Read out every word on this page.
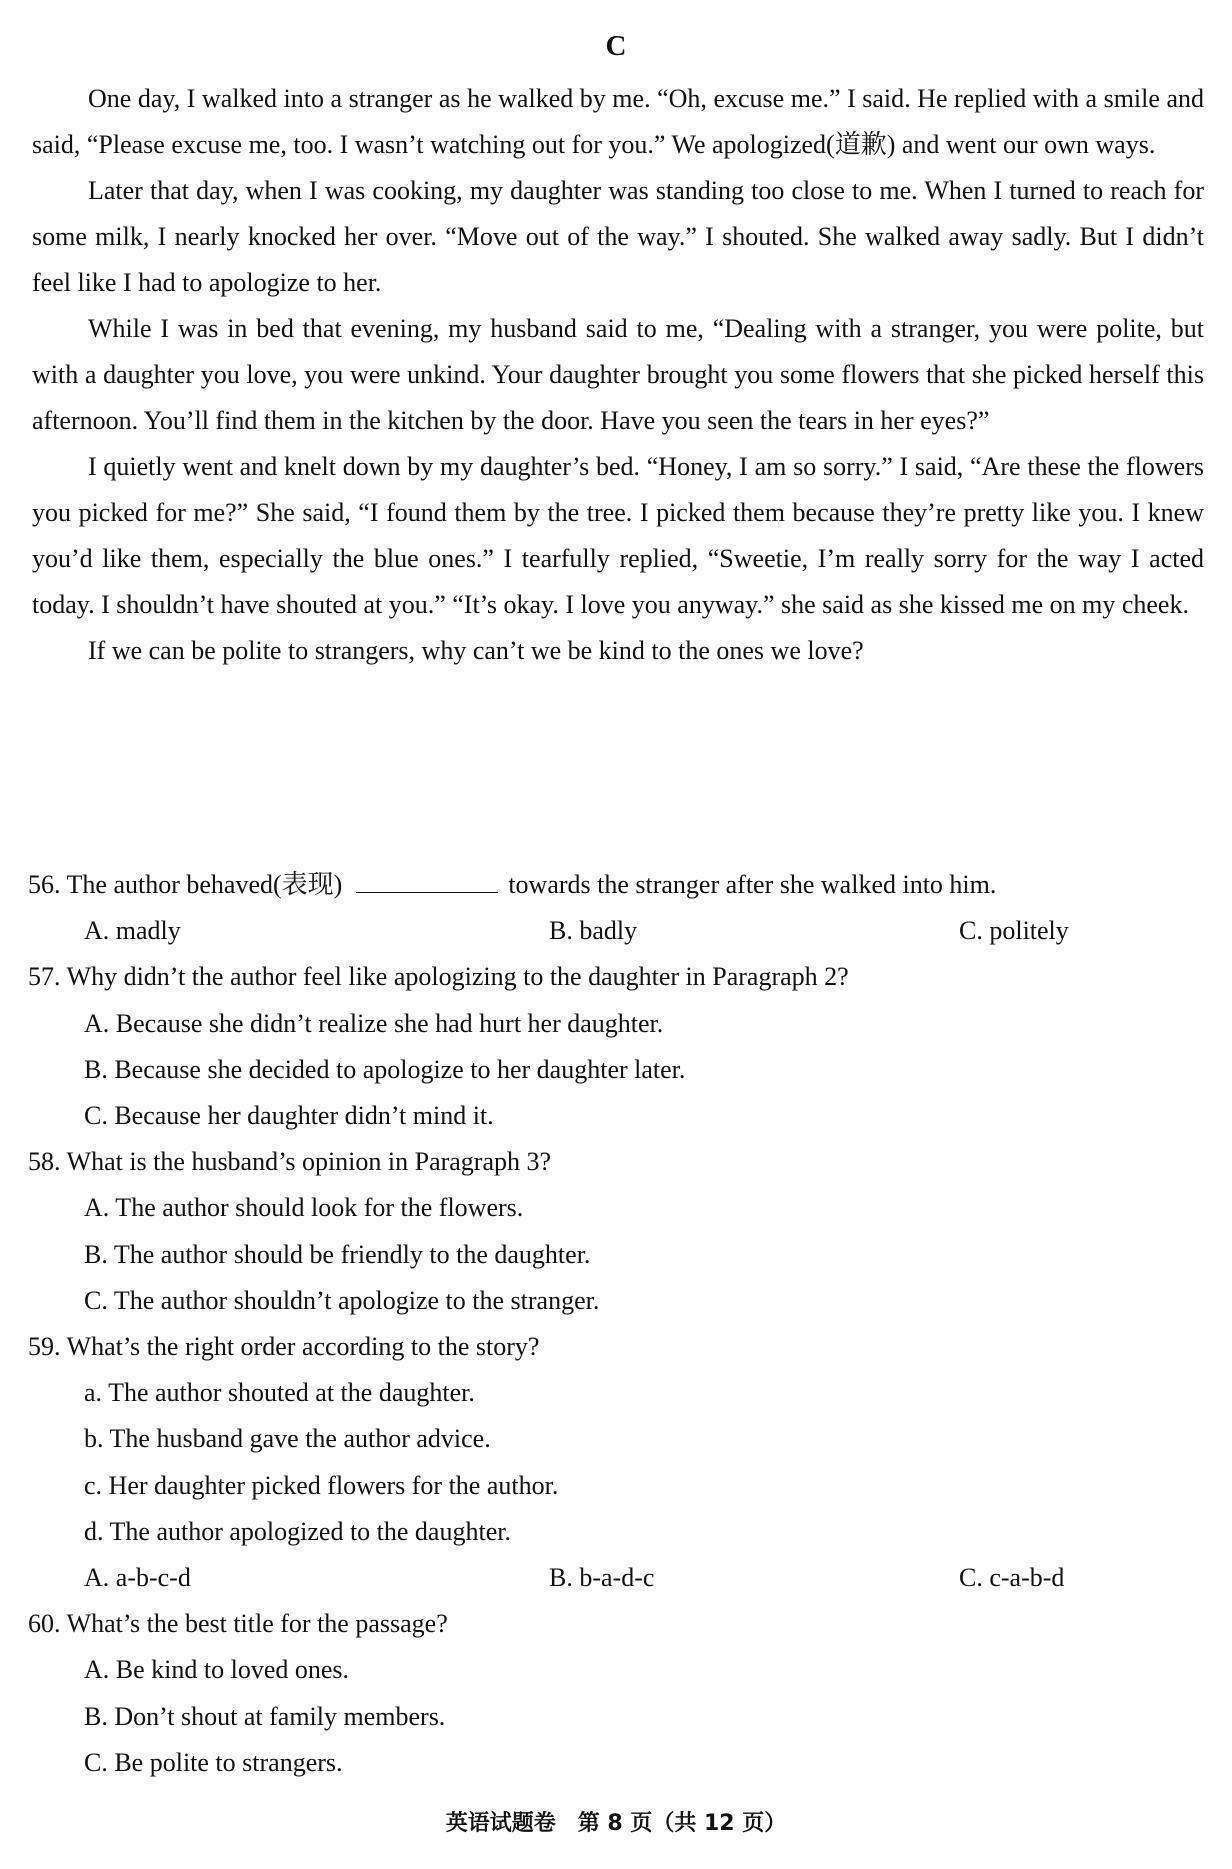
C

One day, I walked into a stranger as he walked by me. “Oh, excuse me.” I said. He replied with a smile and said, “Please excuse me, too. I wasn’t watching out for you.” We apologized(道歉) and went our own ways.

Later that day, when I was cooking, my daughter was standing too close to me. When I turned to reach for some milk, I nearly knocked her over. “Move out of the way.” I shouted. She walked away sadly. But I didn’t feel like I had to apologize to her.

While I was in bed that evening, my husband said to me, “Dealing with a stranger, you were polite, but with a daughter you love, you were unkind. Your daughter brought you some flowers that she picked herself this afternoon. You’ll find them in the kitchen by the door. Have you seen the tears in her eyes?”

I quietly went and knelt down by my daughter’s bed. “Honey, I am so sorry.” I said, “Are these the flowers you picked for me?” She said, “I found them by the tree. I picked them because they’re pretty like you. I knew you’d like them, especially the blue ones.” I tearfully replied, “Sweetie, I’m really sorry for the way I acted today. I shouldn’t have shouted at you.” “It’s okay. I love you anyway.” she said as she kissed me on my cheek.

If we can be polite to strangers, why can’t we be kind to the ones we love?

56. The author behaved(表现)	towards the stranger after she walked into him.
A. madly	B. badly	C. politely
57. Why didn’t the author feel like apologizing to the daughter in Paragraph 2?
A. Because she didn’t realize she had hurt her daughter.
B. Because she decided to apologize to her daughter later.
C. Because her daughter didn’t mind it.
58. What is the husband’s opinion in Paragraph 3?
A. The author should look for the flowers.
B. The author should be friendly to the daughter.
C. The author shouldn’t apologize to the stranger.
59. What’s the right order according to the story?
a. The author shouted at the daughter.
b. The husband gave the author advice.
c. Her daughter picked flowers for the author.
d. The author apologized to the daughter.
A. a-b-c-d	B. b-a-d-c	C. c-a-b-d
60. What’s the best title for the passage?
A. Be kind to loved ones.
B. Don’t shout at family members.
C. Be polite to strangers.
英语试题卷　第 8 页（共 12 页）
